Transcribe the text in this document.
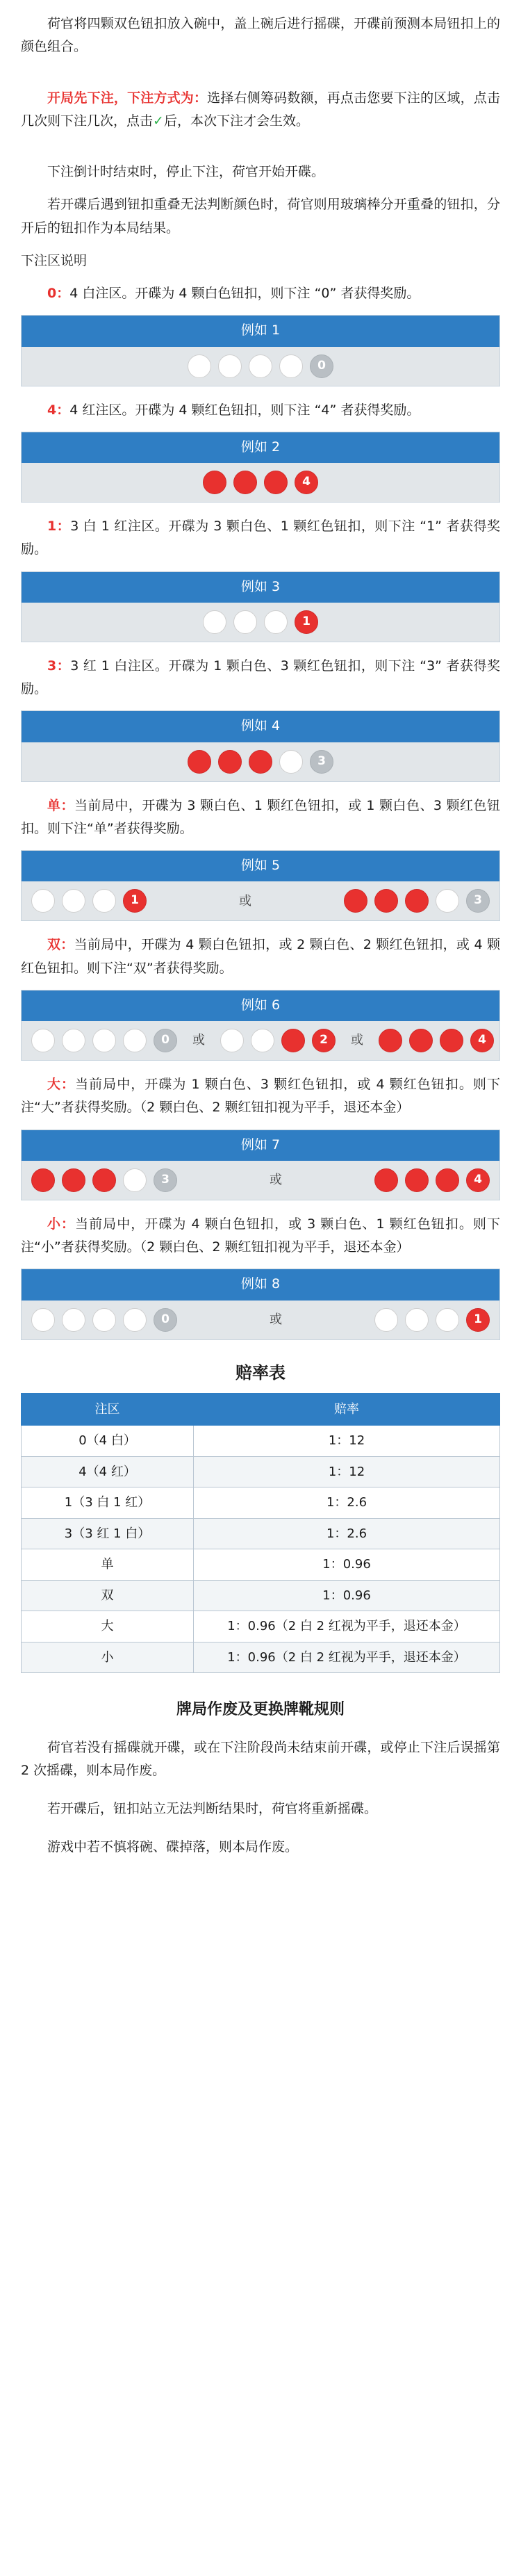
荷官将四颗双色钮扣放入碗中，盖上碗后进行摇碟，开碟前预测本局钮扣上的颜色组合。

开局先下注，下注方式为：选择右侧筹码数额，再点击您要下注的区域，点击几次则下注几次，点击✓后，本次下注才会生效。

下注倒计时结束时，停止下注，荷官开始开碟。

若开碟后遇到钮扣重叠无法判断颜色时，荷官则用玻璃棒分开重叠的钮扣，分开后的钮扣作为本局结果。

下注区说明

0：4 白注区。开碟为 4 颗白色钮扣，则下注 “0” 者获得奖励。

例如 1
0

4：4 红注区。开碟为 4 颗红色钮扣，则下注 “4” 者获得奖励。

例如 2
4

1：3 白 1 红注区。开碟为 3 颗白色、1 颗红色钮扣，则下注 “1” 者获得奖励。

例如 3
1

3：3 红 1 白注区。开碟为 1 颗白色、3 颗红色钮扣，则下注 “3” 者获得奖励。

例如 4
3

单：当前局中，开碟为 3 颗白色、1 颗红色钮扣，或 1 颗白色、3 颗红色钮扣。则下注“单”者获得奖励。

例如 5
1	或	3

双：当前局中，开碟为 4 颗白色钮扣，或 2 颗白色、2 颗红色钮扣，或 4 颗红色钮扣。则下注“双”者获得奖励。

例如 6
0	或	2	或	4

大：当前局中，开碟为 1 颗白色、3 颗红色钮扣，或 4 颗红色钮扣。则下注“大”者获得奖励。（2 颗白色、2 颗红钮扣视为平手，退还本金）

例如 7
3	或	4

小：当前局中，开碟为 4 颗白色钮扣，或 3 颗白色、1 颗红色钮扣。则下注“小”者获得奖励。（2 颗白色、2 颗红钮扣视为平手，退还本金）

例如 8
0	或	1
赔率表
注区	赔率
0（4 白）	1：12
4（4 红）	1：12
1（3 白 1 红）	1：2.6
3（3 红 1 白）	1：2.6
单	1：0.96
双	1：0.96
大	1：0.96（2 白 2 红视为平手，退还本金）
小	1：0.96（2 白 2 红视为平手，退还本金）
牌局作废及更换牌靴规则

荷官若没有摇碟就开碟，或在下注阶段尚未结束前开碟，或停止下注后误摇第 2 次摇碟，则本局作废。

若开碟后，钮扣站立无法判断结果时，荷官将重新摇碟。

游戏中若不慎将碗、碟掉落，则本局作废。
